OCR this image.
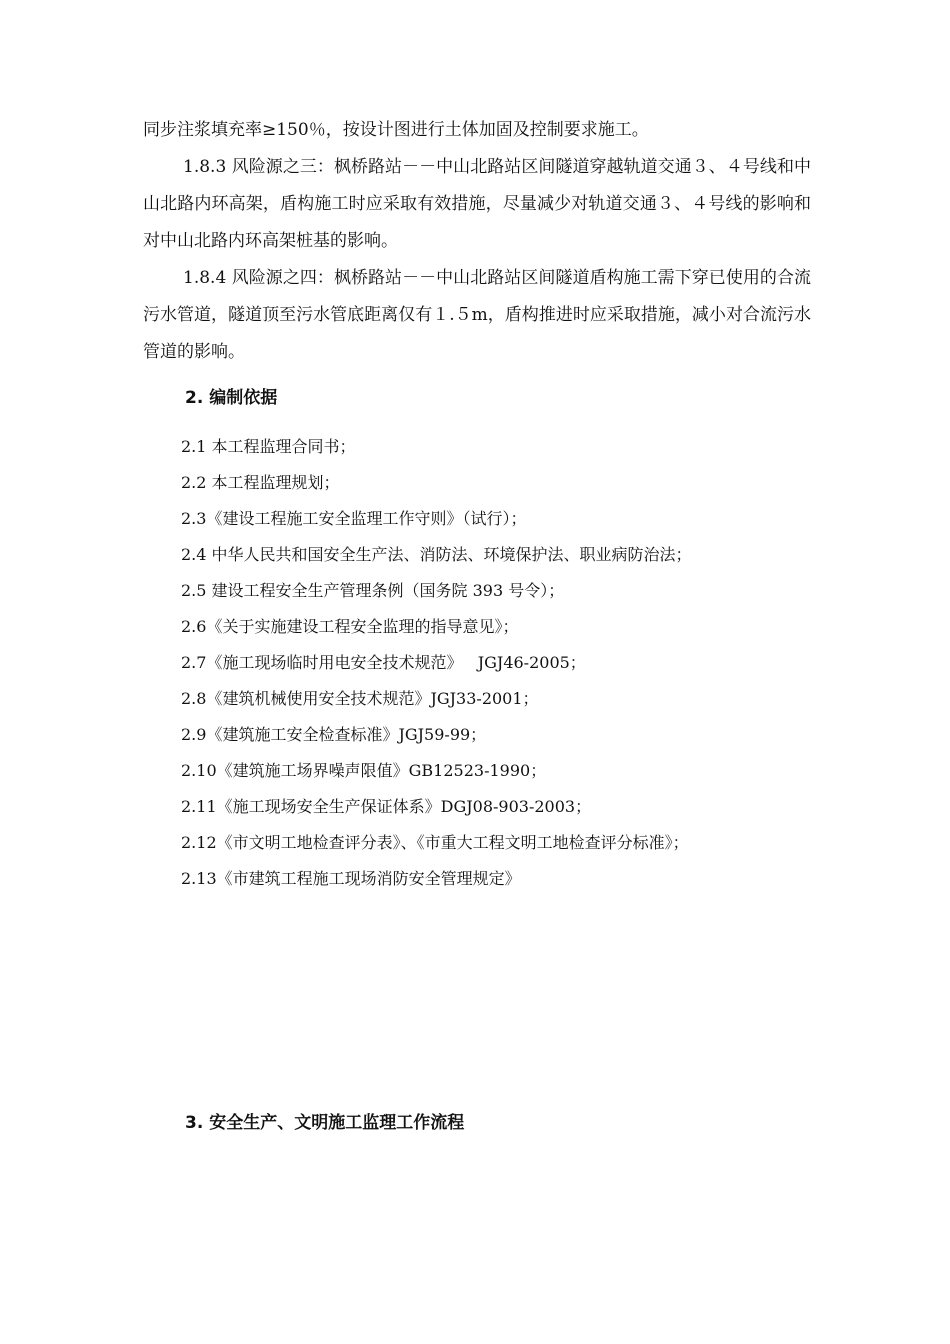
同步注浆填充率≥150％，按设计图进行土体加固及控制要求施工。

1.8.3 风险源之三：枫桥路站－－中山北路站区间隧道穿越轨道交通３、４号线和中山北路内环高架，盾构施工时应采取有效措施，尽量减少对轨道交通３、４号线的影响和对中山北路内环高架桩基的影响。

1.8.4 风险源之四：枫桥路站－－中山北路站区间隧道盾构施工需下穿已使用的合流污水管道，隧道顶至污水管底距离仅有１.５m，盾构推进时应采取措施，减小对合流污水管道的影响。

2. 编制依据
2.1 本工程监理合同书；
2.2 本工程监理规划；
2.3《建设工程施工安全监理工作守则》（试行）；
2.4 中华人民共和国安全生产法、消防法、环境保护法、职业病防治法；
2.5 建设工程安全生产管理条例（国务院 393 号令）；
2.6《关于实施建设工程安全监理的指导意见》；
2.7《施工现场临时用电安全技术规范》   JGJ46-2005；
2.8《建筑机械使用安全技术规范》JGJ33-2001；
2.9《建筑施工安全检查标准》JGJ59-99；
2.10《建筑施工场界噪声限值》GB12523-1990；
2.11《施工现场安全生产保证体系》DGJ08-903-2003；
2.12《市文明工地检查评分表》、《市重大工程文明工地检查评分标准》；
2.13《市建筑工程施工现场消防安全管理规定》
3. 安全生产、文明施工监理工作流程
